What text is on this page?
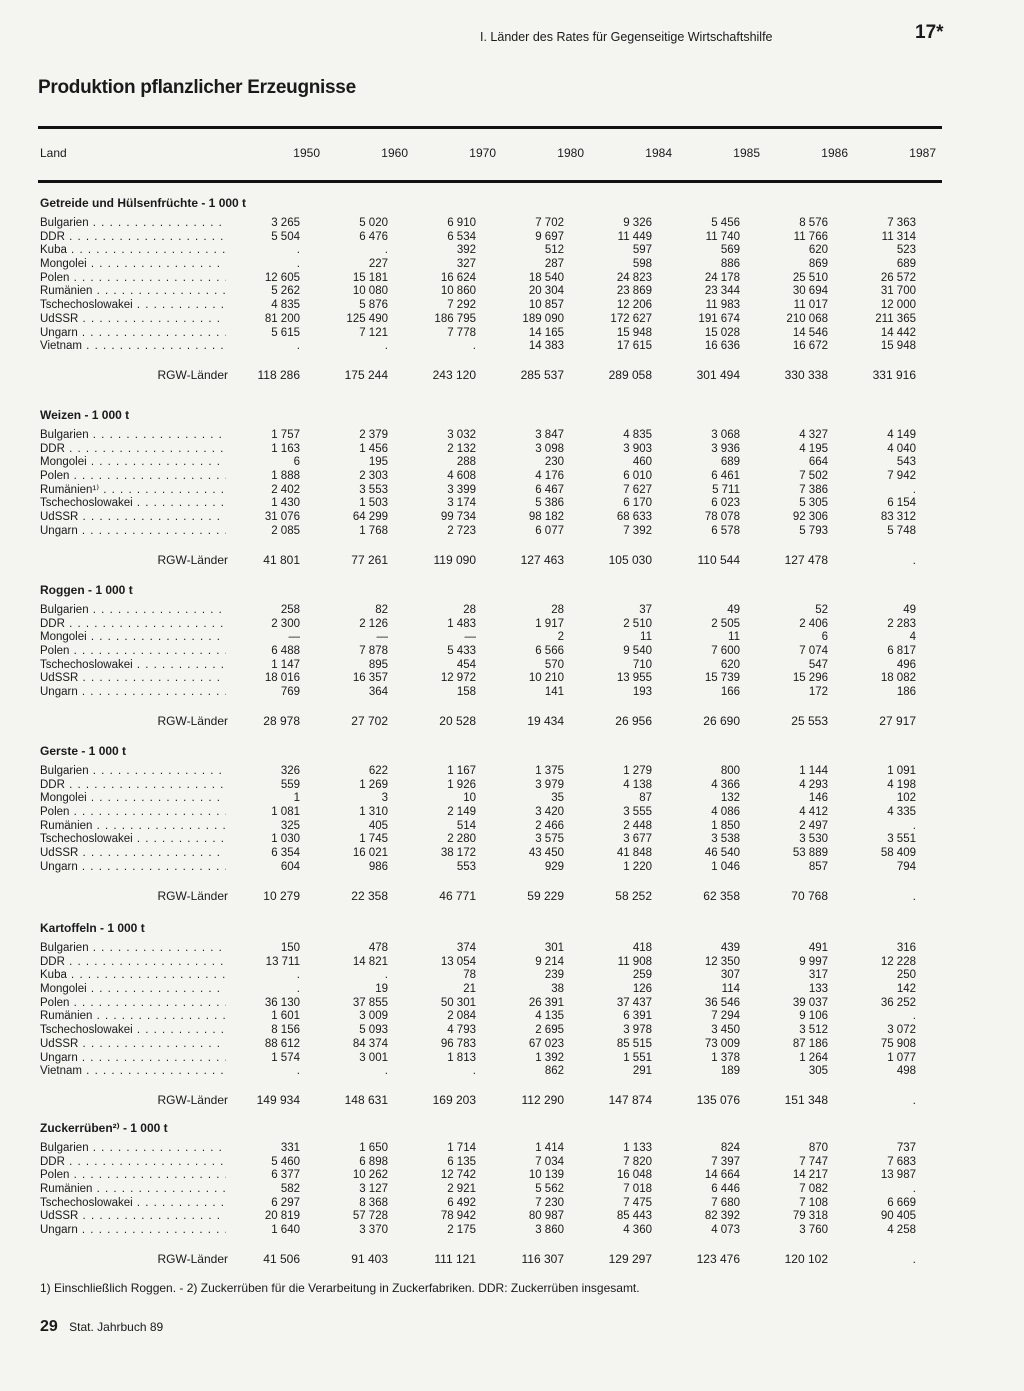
I. Länder des Rates für Gegenseitige Wirtschaftshilfe	17*
Produktion pflanzlicher Erzeugnisse
Land	1950	1960	1970	1980	1984	1985	1986	1987
Getreide und Hülsenfrüchte - 1 000 t
Bulgarien . . .	3 265	5 020	6 910	7 702	9 326	5 456	8 576	7 363
DDR . . .	5 504	6 476	6 534	9 697	11 449	11 740	11 766	11 314
Kuba . . .	.	.	392	512	597	569	620	523
Mongolei . . .	.	227	327	287	598	886	869	689
Polen . . .	12 605	15 181	16 624	18 540	24 823	24 178	25 510	26 572
Rumänien . . .	5 262	10 080	10 860	20 304	23 869	23 344	30 694	31 700
Tschechoslowakei . . .	4 835	5 876	7 292	10 857	12 206	11 983	11 017	12 000
UdSSR . . .	81 200	125 490	186 795	189 090	172 627	191 674	210 068	211 365
Ungarn . . .	5 615	7 121	7 778	14 165	15 948	15 028	14 546	14 442
Vietnam . . .	.	.	.	14 383	17 615	16 636	16 672	15 948
RGW-Länder	118 286	175 244	243 120	285 537	289 058	301 494	330 338	331 916
Weizen - 1 000 t
Bulgarien . . .	1 757	2 379	3 032	3 847	4 835	3 068	4 327	4 149
DDR . . .	1 163	1 456	2 132	3 098	3 903	3 936	4 195	4 040
Mongolei . . .	6	195	288	230	460	689	664	543
Polen . . .	1 888	2 303	4 608	4 176	6 010	6 461	7 502	7 942
Rumänien¹⁾ . . .	2 402	3 553	3 399	6 467	7 627	5 711	7 386	.
Tschechoslowakei . . .	1 430	1 503	3 174	5 386	6 170	6 023	5 305	6 154
UdSSR . . .	31 076	64 299	99 734	98 182	68 633	78 078	92 306	83 312
Ungarn . . .	2 085	1 768	2 723	6 077	7 392	6 578	5 793	5 748
RGW-Länder	41 801	77 261	119 090	127 463	105 030	110 544	127 478	.
Roggen - 1 000 t
Bulgarien . . .	258	82	28	28	37	49	52	49
DDR . . .	2 300	2 126	1 483	1 917	2 510	2 505	2 406	2 283
Mongolei . . .	—	—	—	2	11	11	6	4
Polen . . .	6 488	7 878	5 433	6 566	9 540	7 600	7 074	6 817
Tschechoslowakei . . .	1 147	895	454	570	710	620	547	496
UdSSR . . .	18 016	16 357	12 972	10 210	13 955	15 739	15 296	18 082
Ungarn . . .	769	364	158	141	193	166	172	186
RGW-Länder	28 978	27 702	20 528	19 434	26 956	26 690	25 553	27 917
Gerste - 1 000 t
Bulgarien . . .	326	622	1 167	1 375	1 279	800	1 144	1 091
DDR . . .	559	1 269	1 926	3 979	4 138	4 366	4 293	4 198
Mongolei . . .	1	3	10	35	87	132	146	102
Polen . . .	1 081	1 310	2 149	3 420	3 555	4 086	4 412	4 335
Rumänien . . .	325	405	514	2 466	2 448	1 850	2 497	.
Tschechoslowakei . . .	1 030	1 745	2 280	3 575	3 677	3 538	3 530	3 551
UdSSR . . .	6 354	16 021	38 172	43 450	41 848	46 540	53 889	58 409
Ungarn . . .	604	986	553	929	1 220	1 046	857	794
RGW-Länder	10 279	22 358	46 771	59 229	58 252	62 358	70 768	.
Kartoffeln - 1 000 t
Bulgarien . . .	150	478	374	301	418	439	491	316
DDR . . .	13 711	14 821	13 054	9 214	11 908	12 350	9 997	12 228
Kuba . . .	.	.	78	239	259	307	317	250
Mongolei . . .	.	19	21	38	126	114	133	142
Polen . . .	36 130	37 855	50 301	26 391	37 437	36 546	39 037	36 252
Rumänien . . .	1 601	3 009	2 084	4 135	6 391	7 294	9 106	.
Tschechoslowakei . . .	8 156	5 093	4 793	2 695	3 978	3 450	3 512	3 072
UdSSR . . .	88 612	84 374	96 783	67 023	85 515	73 009	87 186	75 908
Ungarn . . .	1 574	3 001	1 813	1 392	1 551	1 378	1 264	1 077
Vietnam . . .	.	.	.	862	291	189	305	498
RGW-Länder	149 934	148 631	169 203	112 290	147 874	135 076	151 348	.
Zuckerrüben²⁾ - 1 000 t
Bulgarien . . .	331	1 650	1 714	1 414	1 133	824	870	737
DDR . . .	5 460	6 898	6 135	7 034	7 820	7 397	7 747	7 683
Polen . . .	6 377	10 262	12 742	10 139	16 048	14 664	14 217	13 987
Rumänien . . .	582	3 127	2 921	5 562	7 018	6 446	7 082	.
Tschechoslowakei . . .	6 297	8 368	6 492	7 230	7 475	7 680	7 108	6 669
UdSSR . . .	20 819	57 728	78 942	80 987	85 443	82 392	79 318	90 405
Ungarn . . .	1 640	3 370	2 175	3 860	4 360	4 073	3 760	4 258
RGW-Länder	41 506	91 403	111 121	116 307	129 297	123 476	120 102	.
1) Einschließlich Roggen. - 2) Zuckerrüben für die Verarbeitung in Zuckerfabriken. DDR: Zuckerrüben insgesamt.
29 Stat. Jahrbuch 89
